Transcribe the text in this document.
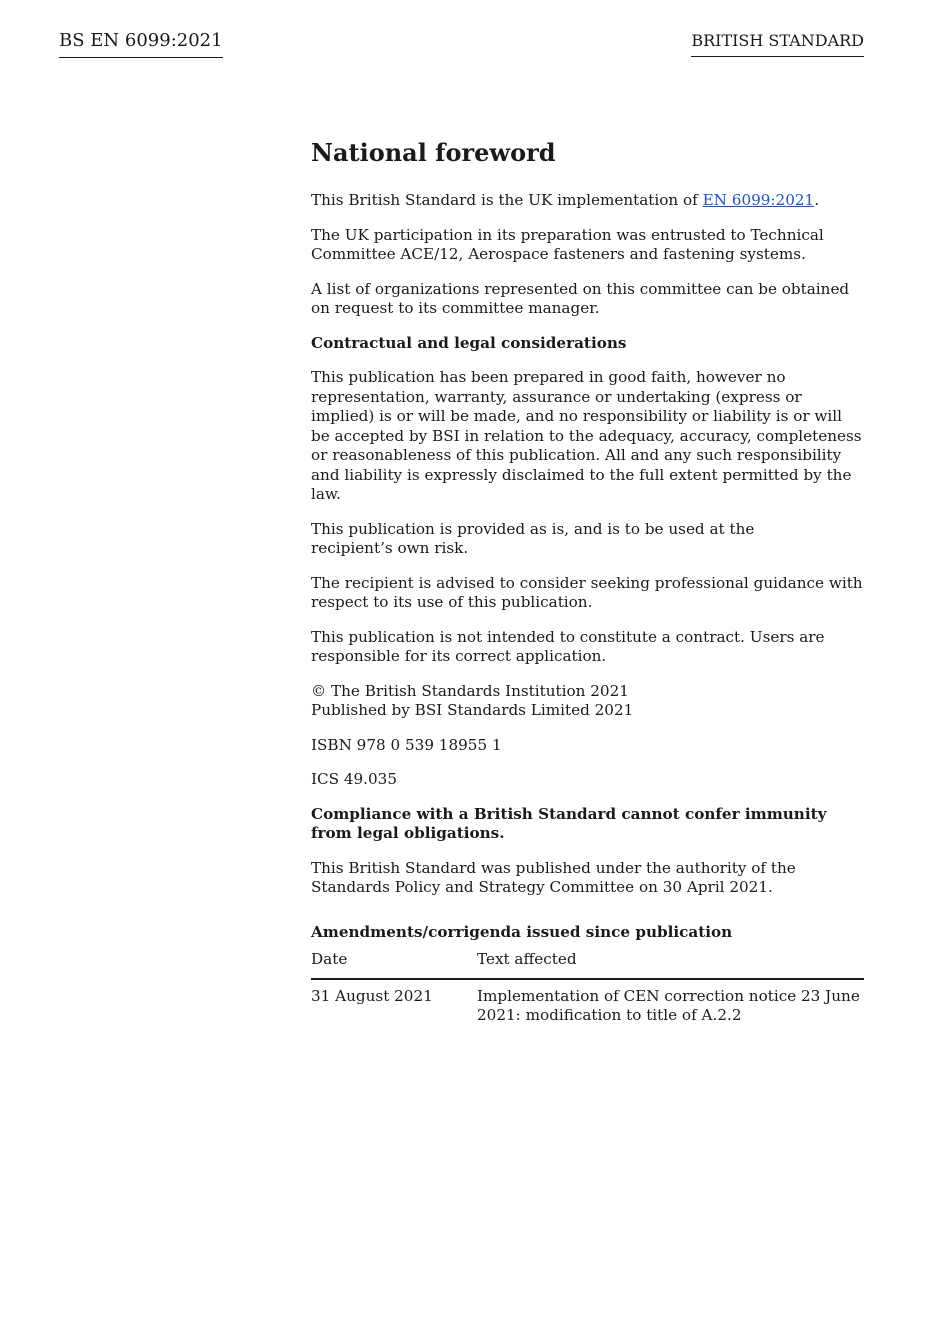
BS EN 6099:2021	BRITISH STANDARD
National foreword

This British Standard is the UK implementation of EN 6099:2021.

The UK participation in its preparation was entrusted to Technical Committee ACE/12, Aerospace fasteners and fastening systems.

A list of organizations represented on this committee can be obtained on request to its committee manager.

Contractual and legal considerations

This publication has been prepared in good faith, however no representation, warranty, assurance or undertaking (express or implied) is or will be made, and no responsibility or liability is or will be accepted by BSI in relation to the adequacy, accuracy, completeness or reasonableness of this publication. All and any such responsibility and liability is expressly disclaimed to the full extent permitted by the law.

This publication is provided as is, and is to be used at the
recipient’s own risk.

The recipient is advised to consider seeking professional guidance with respect to its use of this publication.

This publication is not intended to constitute a contract. Users are responsible for its correct application.

© The British Standards Institution 2021
Published by BSI Standards Limited 2021

ISBN 978 0 539 18955 1

ICS 49.035

Compliance with a British Standard cannot confer immunity from legal obligations.

This British Standard was published under the authority of the Standards Policy and Strategy Committee on 30 April 2021.

Amendments/corrigenda issued since publication
Date	Text affected
31 August 2021	Implementation of CEN correction notice 23 June 2021: modification to title of A.2.2
